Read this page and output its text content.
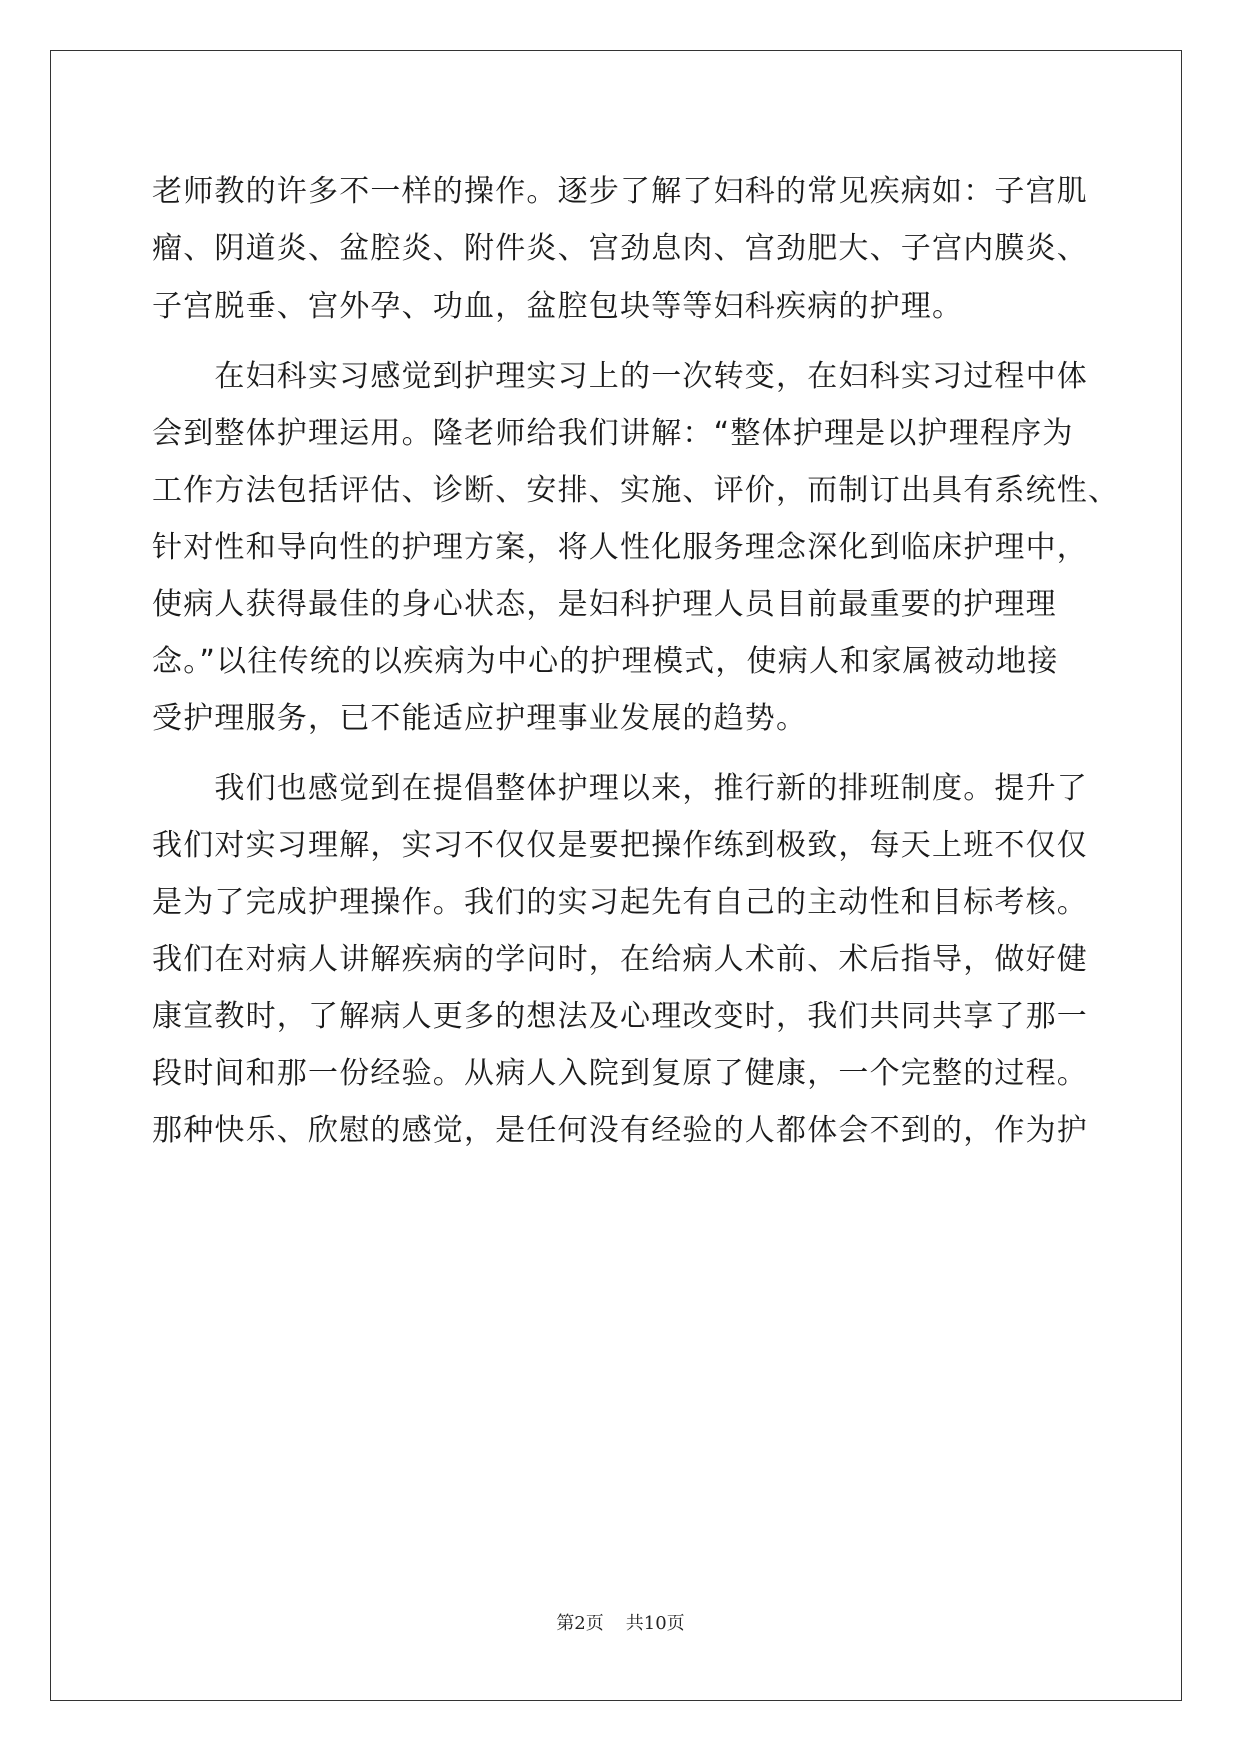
老师教的许多不一样的操作。逐步了解了妇科的常见疾病如：子宫肌

瘤、阴道炎、盆腔炎、附件炎、宫劲息肉、宫劲肥大、子宫内膜炎、

子宫脱垂、宫外孕、功血，盆腔包块等等妇科疾病的护理。

　　在妇科实习感觉到护理实习上的一次转变，在妇科实习过程中体

会到整体护理运用。隆老师给我们讲解：“整体护理是以护理程序为

工作方法包括评估、诊断、安排、实施、评价，而制订出具有系统性、

针对性和导向性的护理方案，将人性化服务理念深化到临床护理中，

使病人获得最佳的身心状态，是妇科护理人员目前最重要的护理理

念。”以往传统的以疾病为中心的护理模式，使病人和家属被动地接

受护理服务，已不能适应护理事业发展的趋势。

　　我们也感觉到在提倡整体护理以来，推行新的排班制度。提升了

我们对实习理解，实习不仅仅是要把操作练到极致，每天上班不仅仅

是为了完成护理操作。我们的实习起先有自己的主动性和目标考核。

我们在对病人讲解疾病的学问时，在给病人术前、术后指导，做好健

康宣教时，了解病人更多的想法及心理改变时，我们共同共享了那一

段时间和那一份经验。从病人入院到复原了健康，一个完整的过程。

那种快乐、欣慰的感觉，是任何没有经验的人都体会不到的，作为护

第2页 共10页
